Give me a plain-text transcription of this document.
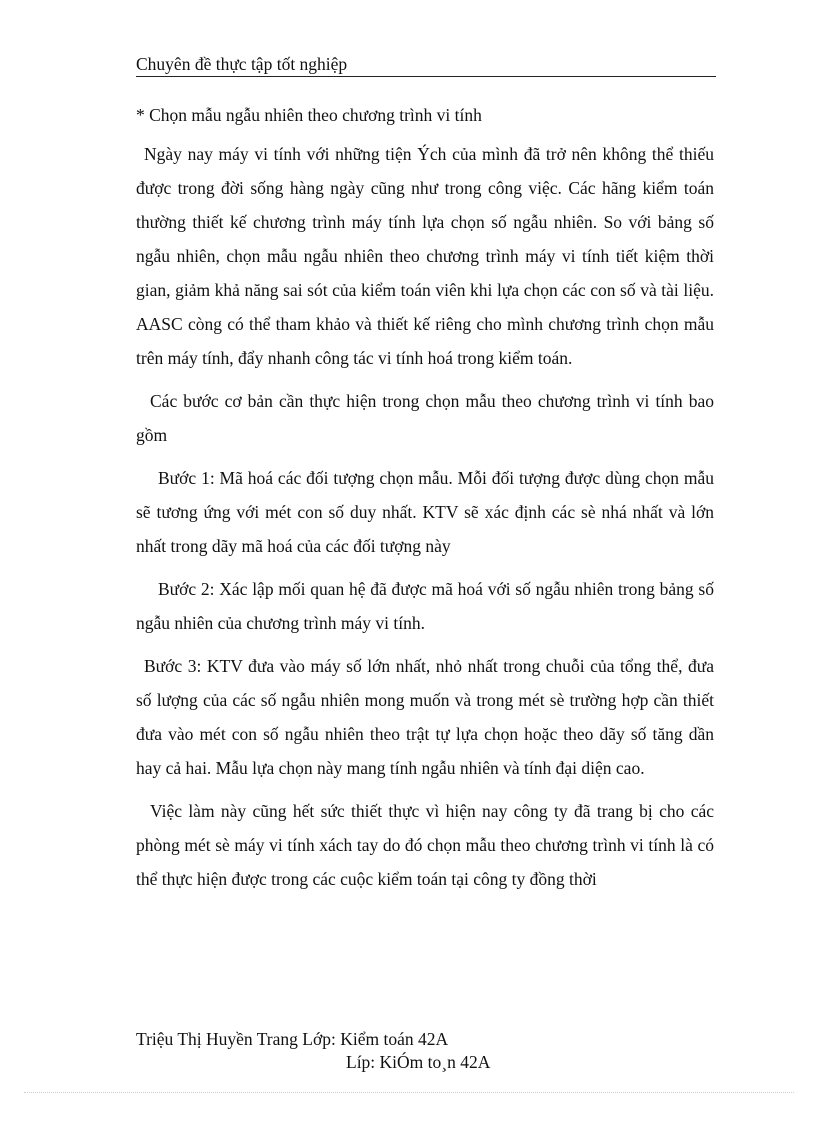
Chuyên đề thực tập tốt nghiệp

* Chọn mẫu ngẫu nhiên theo chương trình vi tính

Ngày nay máy vi tính với những tiện Ých của mình đã trở nên không thể thiếu được trong đời sống hàng ngày cũng như trong công việc. Các hãng kiểm toán thường thiết kế chương trình máy tính lựa chọn số ngẫu nhiên. So với bảng số ngẫu nhiên, chọn mẫu ngẫu nhiên theo chương trình máy vi tính tiết kiệm thời gian, giảm khả năng sai sót của kiểm toán viên khi lựa chọn các con số và tài liệu. AASC còng có thể tham khảo và thiết kế riêng cho mình chương trình chọn mẫu trên máy tính, đẩy nhanh công tác vi tính hoá trong kiểm toán.

Các bước cơ bản cần thực hiện trong chọn mẫu theo chương trình vi tính bao gồm

Bước 1: Mã hoá các đối tượng chọn mẫu. Mỗi đối tượng được dùng chọn mẫu sẽ tương ứng với mét con số duy nhất. KTV sẽ xác định các sè nhá nhất và lớn nhất trong dãy mã hoá của các đối tượng này

Bước 2: Xác lập mối quan hệ đã được mã hoá với số ngẫu nhiên trong bảng số ngẫu nhiên của chương trình máy vi tính.

Bước 3: KTV đưa vào máy số lớn nhất, nhỏ nhất trong chuỗi của tổng thể, đưa số lượng của các số ngẫu nhiên mong muốn và trong mét sè trường hợp cần thiết đưa vào mét con số ngẫu nhiên theo trật tự lựa chọn hoặc theo dãy số tăng dần hay cả hai. Mẫu lựa chọn này mang tính ngẫu nhiên và tính đại diện cao.

Việc làm này cũng hết sức thiết thực vì hiện nay công ty đã trang bị cho các phòng mét sè máy vi tính xách tay do đó chọn mẫu theo chương trình vi tính là có thể thực hiện được trong các cuộc kiểm toán tại công ty đồng thời

Triệu Thị Huyền Trang Lớp: Kiểm toán 42A
Líp: KiÓm to¸n 42A
